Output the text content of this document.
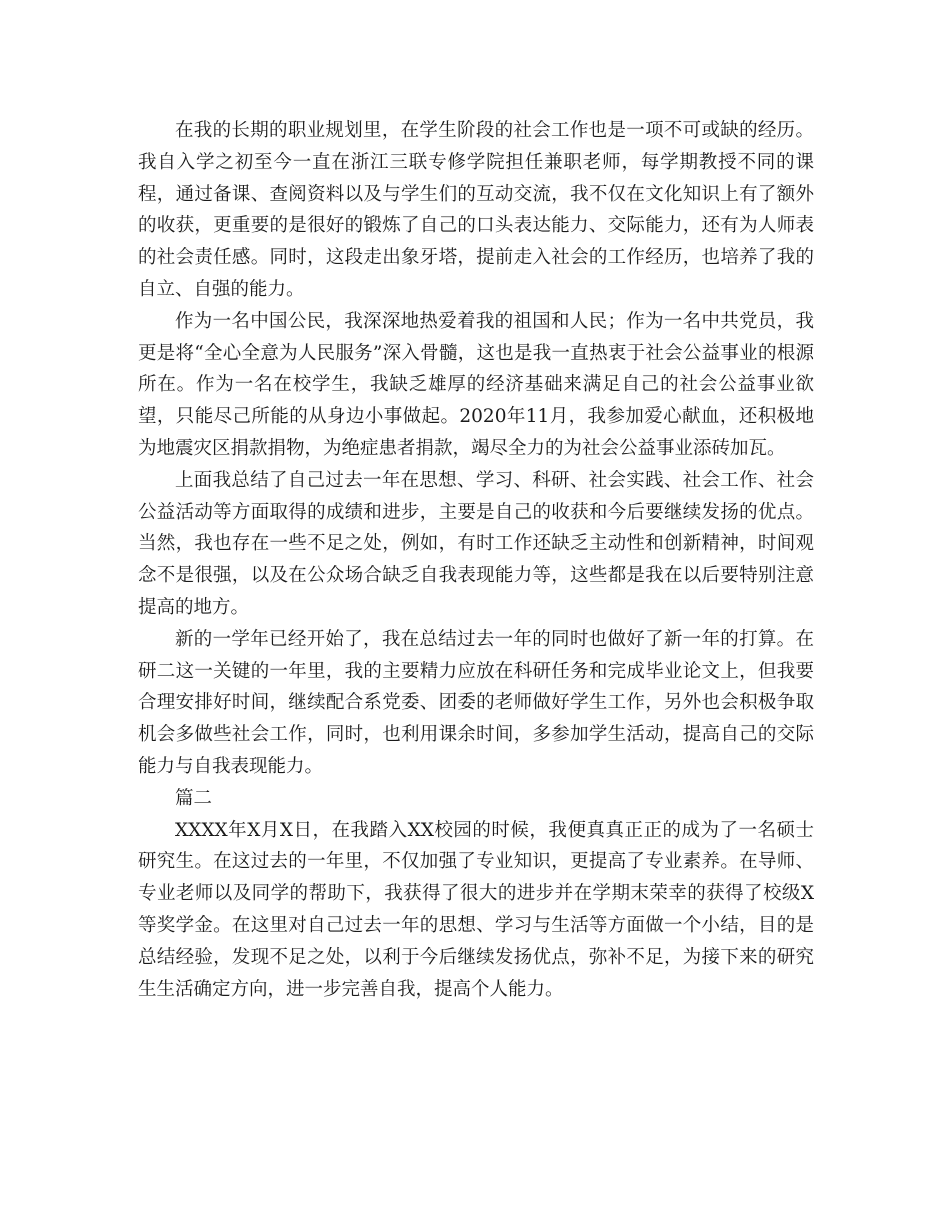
在我的长期的职业规划里，在学生阶段的社会工作也是一项不可或缺的经历。我自入学之初至今一直在浙江三联专修学院担任兼职老师，每学期教授不同的课程，通过备课、查阅资料以及与学生们的互动交流，我不仅在文化知识上有了额外的收获，更重要的是很好的锻炼了自己的口头表达能力、交际能力，还有为人师表的社会责任感。同时，这段走出象牙塔，提前走入社会的工作经历，也培养了我的自立、自强的能力。

作为一名中国公民，我深深地热爱着我的祖国和人民；作为一名中共党员，我更是将“全心全意为人民服务”深入骨髓，这也是我一直热衷于社会公益事业的根源所在。作为一名在校学生，我缺乏雄厚的经济基础来满足自己的社会公益事业欲望，只能尽己所能的从身边小事做起。2020年11月，我参加爱心献血，还积极地为地震灾区捐款捐物，为绝症患者捐款，竭尽全力的为社会公益事业添砖加瓦。

上面我总结了自己过去一年在思想、学习、科研、社会实践、社会工作、社会公益活动等方面取得的成绩和进步，主要是自己的收获和今后要继续发扬的优点。当然，我也存在一些不足之处，例如，有时工作还缺乏主动性和创新精神，时间观念不是很强，以及在公众场合缺乏自我表现能力等，这些都是我在以后要特别注意提高的地方。

新的一学年已经开始了，我在总结过去一年的同时也做好了新一年的打算。在研二这一关键的一年里，我的主要精力应放在科研任务和完成毕业论文上，但我要合理安排好时间，继续配合系党委、团委的老师做好学生工作，另外也会积极争取机会多做些社会工作，同时，也利用课余时间，多参加学生活动，提高自己的交际能力与自我表现能力。

篇二

XXXX年X月X日，在我踏入XX校园的时候，我便真真正正的成为了一名硕士研究生。在这过去的一年里，不仅加强了专业知识，更提高了专业素养。在导师、专业老师以及同学的帮助下，我获得了很大的进步并在学期末荣幸的获得了校级X等奖学金。在这里对自己过去一年的思想、学习与生活等方面做一个小结，目的是总结经验，发现不足之处，以利于今后继续发扬优点，弥补不足，为接下来的研究生生活确定方向，进一步完善自我，提高个人能力。
